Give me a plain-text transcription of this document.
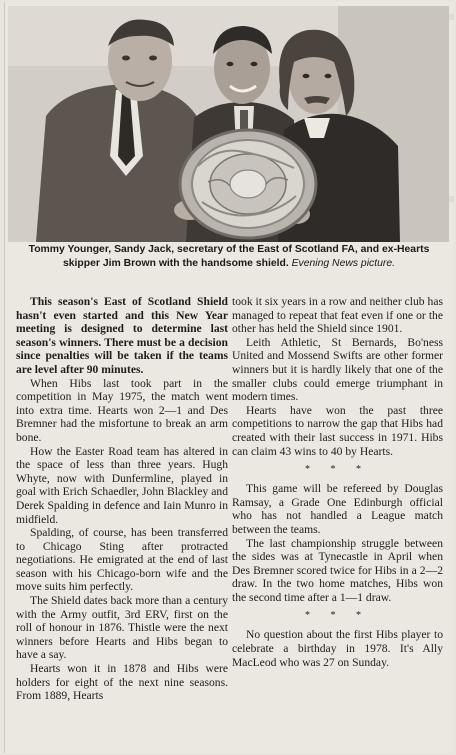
Tommy Younger, Sandy Jack, secretary of the East of Scotland FA, and ex-Hearts skipper Jim Brown with the handsome shield. Evening News picture.

This season's East of Scotland Shield hasn't even started and this New Year meeting is designed to determine last season's winners. There must be a decision since penalties will be taken if the teams are level after 90 minutes.

When Hibs last took part in the competition in May 1975, the match went into extra time. Hearts won 2—1 and Des Bremner had the misfortune to break an arm bone.

How the Easter Road team has altered in the space of less than three years. Hugh Whyte, now with Dunfermline, played in goal with Erich Schaedler, John Blackley and Derek Spalding in defence and Iain Munro in midfield.

Spalding, of course, has been transferred to Chicago Sting after protracted negotiations. He emigrated at the end of last season with his Chicago-born wife and the move suits him perfectly.

The Shield dates back more than a century with the Army outfit, 3rd ERV, first on the roll of honour in 1876. Thistle were the next winners before Hearts and Hibs began to have a say.

Hearts won it in 1878 and Hibs were holders for eight of the next nine seasons. From 1889, Hearts

took it six years in a row and neither club has managed to repeat that feat even if one or the other has held the Shield since 1901.

Leith Athletic, St Bernards, Bo'ness United and Mossend Swifts are other former winners but it is hardly likely that one of the smaller clubs could emerge triumphant in modern times.

Hearts have won the past three competitions to narrow the gap that Hibs had created with their last success in 1971. Hibs can claim 43 wins to 40 by Hearts.

* * *

This game will be refereed by Douglas Ramsay, a Grade One Edinburgh official who has not handled a League match between the teams.

The last championship struggle between the sides was at Tynecastle in April when Des Bremner scored twice for Hibs in a 2—2 draw. In the two home matches, Hibs won the second time after a 1—1 draw.

* * *

No question about the first Hibs player to celebrate a birthday in 1978. It's Ally MacLeod who was 27 on Sunday.
